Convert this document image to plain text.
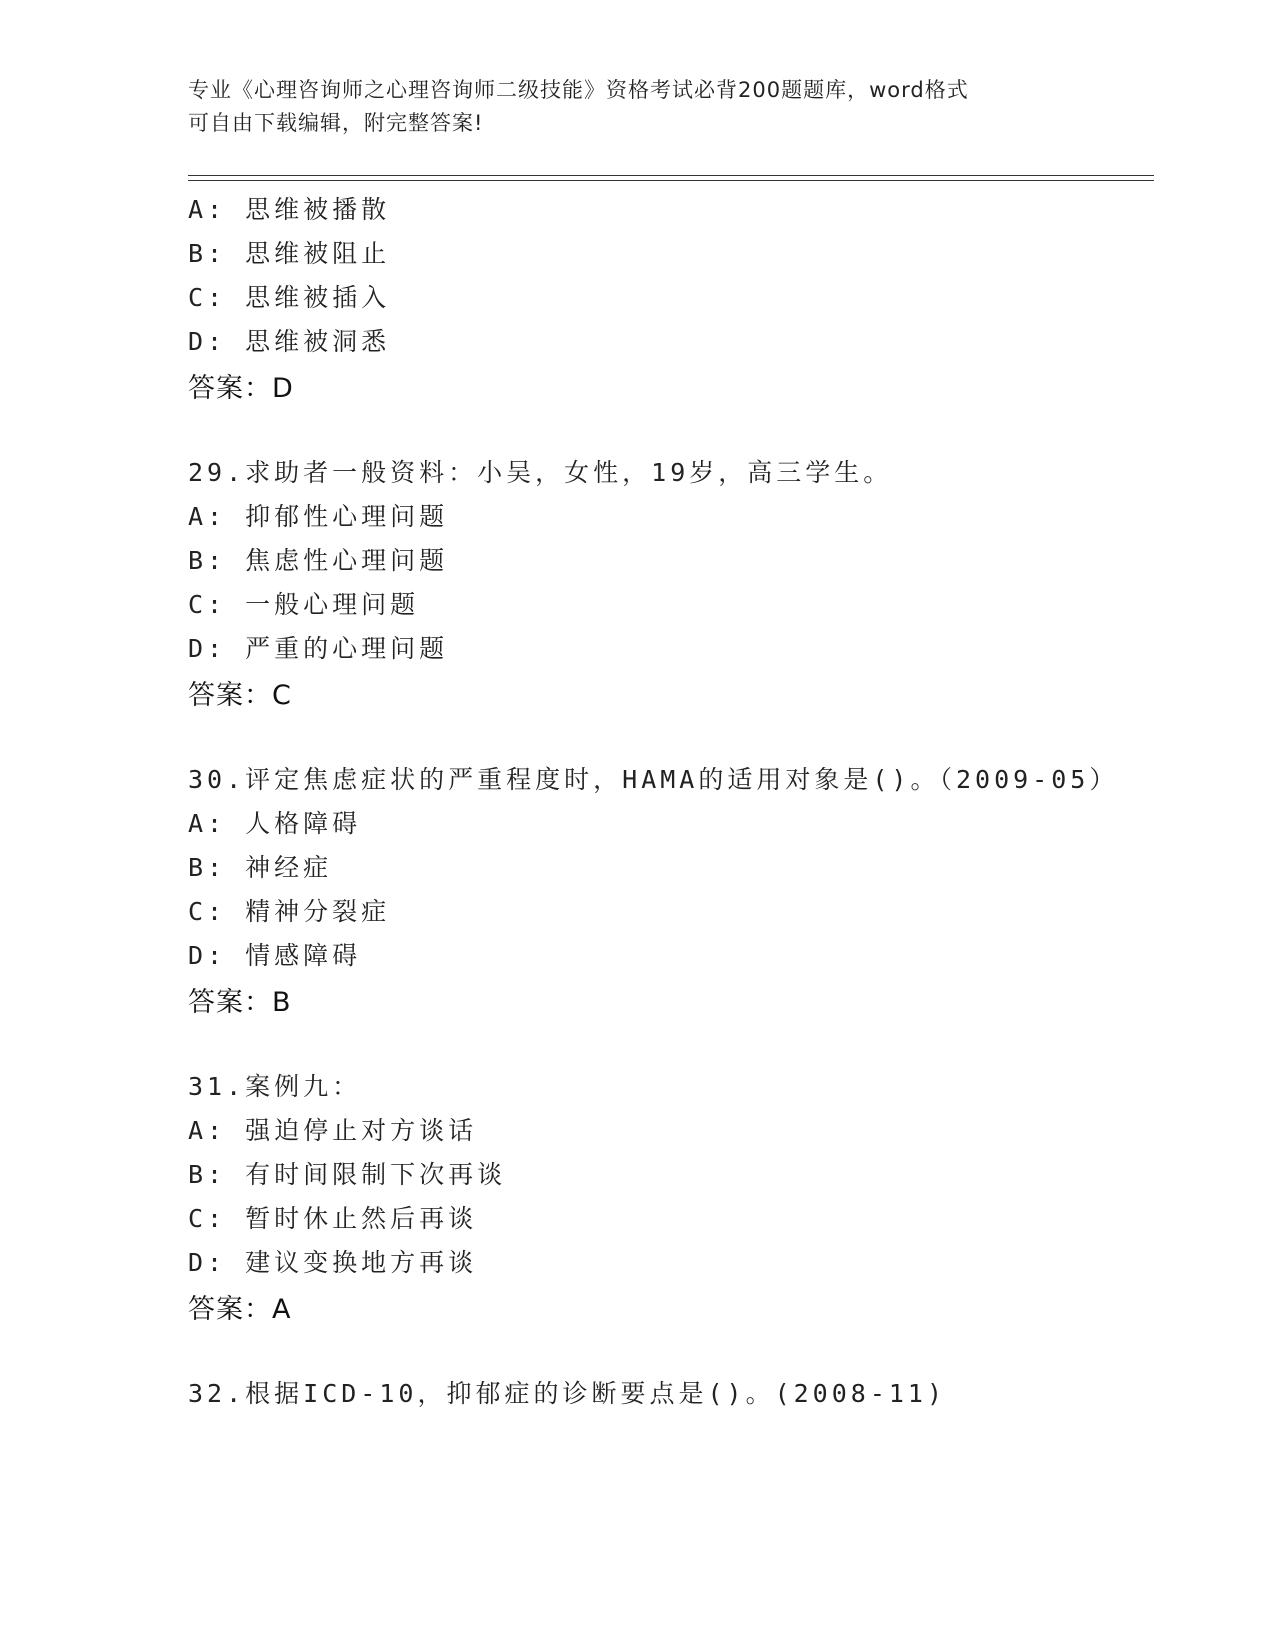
专业《心理咨询师之心理咨询师二级技能》资格考试必背200题题库，word格式
可自由下载编辑，附完整答案!
A: 思维被播散
B: 思维被阻止
C: 思维被插入
D: 思维被洞悉
答案：D
29.求助者一般资料：小吴，女性，19岁，高三学生。
A: 抑郁性心理问题
B: 焦虑性心理问题
C: 一般心理问题
D: 严重的心理问题
答案：C
30.评定焦虑症状的严重程度时，HAMA的适用对象是()。（2009-05）
A: 人格障碍
B: 神经症
C: 精神分裂症
D: 情感障碍
答案：B
31.案例九：
A: 强迫停止对方谈话
B: 有时间限制下次再谈
C: 暂时休止然后再谈
D: 建议变换地方再谈
答案：A
32.根据ICD-10，抑郁症的诊断要点是()。(2008-11)
